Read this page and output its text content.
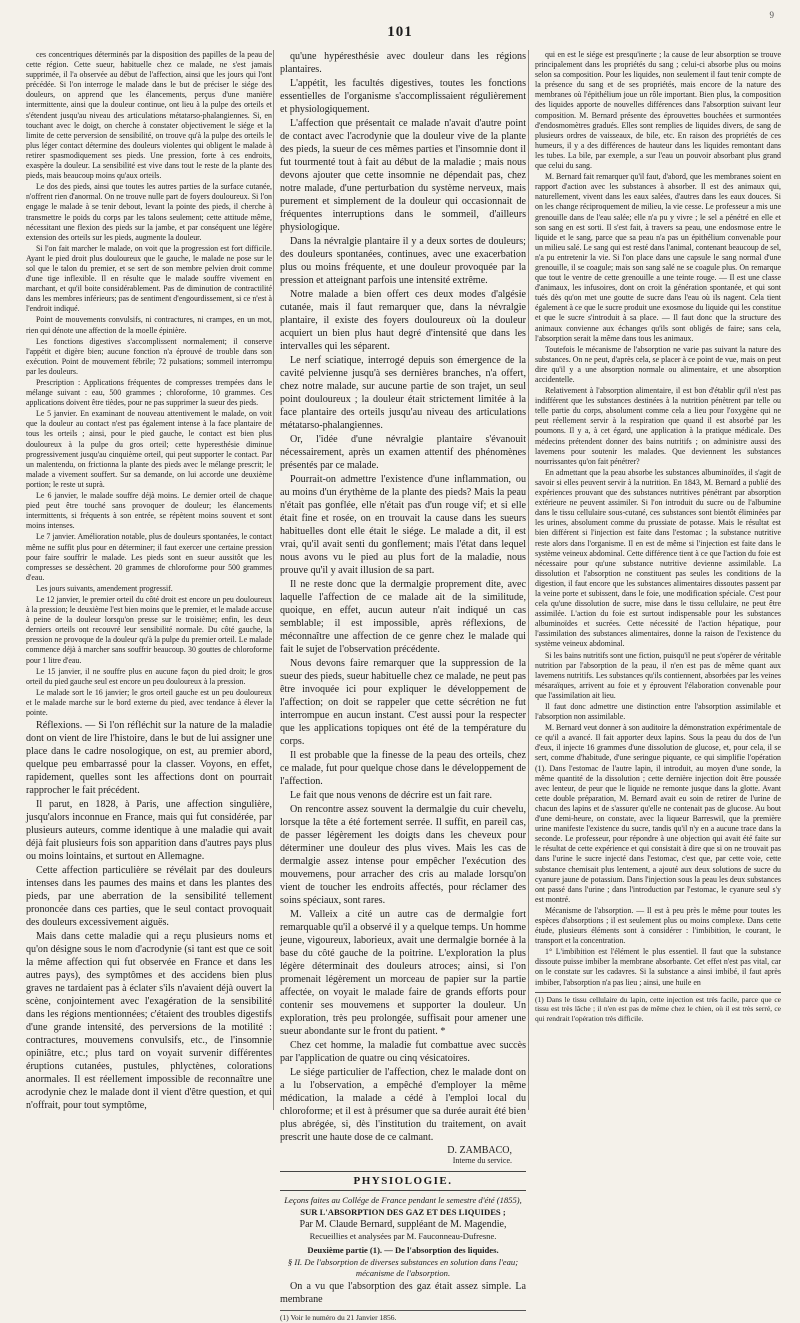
101
9

ces concentriques déterminés par la disposition des papilles de la peau de cette région. Cette sueur, habituelle chez ce malade, ne s'est jamais supprimée, il l'a observée au début de l'affection, ainsi que les jours qui l'ont précédée. Si l'on interroge le malade dans le but de préciser le siége des douleurs, on apprend que les élancements, perçus d'une manière intermittente, ainsi que la douleur continue, ont lieu à la pulpe des orteils et s'étendent jusqu'au niveau des articulations métatarso-phalangiennes. Si, en touchant avec le doigt, on cherche à constater objectivement le siége et la limite de cette perversion de sensibilité, on trouve qu'à la pulpe des orteils le plus léger contact détermine des douleurs violentes qui obligent le malade à retirer spasmodiquement ses pieds. Une pression, forte à ces endroits, exaspère la douleur. La sensibilité est vive dans tout le reste de la plante des pieds, mais beaucoup moins qu'aux orteils.

Le dos des pieds, ainsi que toutes les autres parties de la surface cutanée, n'offrent rien d'anormal. On ne trouve nulle part de foyers douloureux. Si l'on engage le malade à se tenir debout, levant la pointe des pieds, il cherche à transmettre le poids du corps par les talons seulement; cette attitude même, nécessitant une flexion des pieds sur la jambe, et par conséquent une légère extension des orteils sur les pieds, augmente la douleur.

Si l'on fait marcher le malade, on voit que la progression est fort difficile. Ayant le pied droit plus douloureux que le gauche, le malade ne pose sur le sol que le talon du premier, et se sert de son membre pelvien droit comme d'une tige inflexible. Il en résulte que le malade souffre vivement en marchant, et qu'il boite considérablement. Pas de diminution de contractilité dans les membres inférieurs; pas de sentiment d'engourdissement, si ce n'est à l'endroit indiqué.

Point de mouvements convulsifs, ni contractures, ni crampes, en un mot, rien qui dénote une affection de la moelle épinière.

Les fonctions digestives s'accomplissent normalement; il conserve l'appétit et digère bien; aucune fonction n'a éprouvé de trouble dans son exécution. Point de mouvement fébrile; 72 pulsations; sommeil interrompu par les douleurs.

Prescription : Applications fréquentes de compresses trempées dans le mélange suivant : eau, 500 grammes ; chloroforme, 10 grammes. Ces applications doivent être tièdes, pour ne pas supprimer la sueur des pieds.

Le 5 janvier. En examinant de nouveau attentivement le malade, on voit que la douleur au contact n'est pas également intense à la face plantaire de tous les orteils ; ainsi, pour le pied gauche, le contact est bien plus douloureux à la pulpe du gros orteil; cette hyperesthésie diminue progressivement jusqu'au cinquième orteil, qui peut supporter le contact. Par un malentendu, on frictionna la plante des pieds avec le mélange prescrit; le malade a vivement souffert. Sur sa demande, on lui accorde une deuxième portion; le reste ut suprà.

Le 6 janvier, le malade souffre déjà moins. Le dernier orteil de chaque pied peut être touché sans provoquer de douleur; les élancements intermittents, si fréquents à son entrée, se répètent moins souvent et sont moins intenses.

Le 7 janvier. Amélioration notable, plus de douleurs spontanées, le contact même ne suffit plus pour en déterminer; il faut exercer une certaine pression pour faire souffrir le malade. Les pieds sont en sueur aussitôt que les compresses se dessèchent. 20 grammes de chloroforme pour 500 grammes d'eau.

Les jours suivants, amendement progressif.

Le 12 janvier, le premier orteil du côté droit est encore un peu douloureux à la pression; le deuxième l'est bien moins que le premier, et le malade accuse à peine de la douleur lorsqu'on presse sur le troisième; enfin, les deux derniers orteils ont recouvré leur sensibilité normale. Du côté gauche, la pression ne provoque de la douleur qu'à la pulpe du premier orteil. Le malade commence déjà à marcher sans souffrir beaucoup. 30 gouttes de chloroforme pour 1 litre d'eau.

Le 15 janvier, il ne souffre plus en aucune façon du pied droit; le gros orteil du pied gauche seul est encore un peu douloureux à la pression.

Le malade sort le 16 janvier; le gros orteil gauche est un peu douloureux et le malade marche sur le bord externe du pied, avec tendance à élever la pointe.

Réflexions. — Si l'on réfléchit sur la nature de la maladie dont on vient de lire l'histoire, dans le but de lui assigner une place dans le cadre nosologique, on est, au premier abord, quelque peu embarrassé pour la classer. Voyons, en effet, rapidement, quelles sont les affections dont on pourrait rapprocher le fait précédent.

Il parut, en 1828, à Paris, une affection singulière, jusqu'alors inconnue en France, mais qui fut considérée, par plusieurs auteurs, comme identique à une maladie qui avait déjà fait plusieurs fois son apparition dans d'autres pays plus ou moins lointains, et surtout en Allemagne.

Cette affection particulière se révélait par des douleurs intenses dans les paumes des mains et dans les plantes des pieds, par une aberration de la sensibilité tellement prononcée dans ces parties, que le seul contact provoquait des douleurs excessivement aiguës.

Mais dans cette maladie qui a reçu plusieurs noms et qu'on désigne sous le nom d'acrodynie (si tant est que ce soit la même affection qui fut observée en France et dans les autres pays), des symptômes et des accidens bien plus graves ne tardaient pas à éclater s'ils n'avaient déjà ouvert la scène, conjointement avec l'exagération de la sensibilité dans les régions mentionnées; c'étaient des troubles digestifs d'une grande intensité, des perversions de la motilité : contractures, mouvemens convulsifs, etc., de l'insomnie opiniâtre, etc.; plus tard on voyait survenir différentes éruptions cutanées, pustules, phlyctènes, colorations anormales. Il est réellement impossible de reconnaître une acrodynie chez le malade dont il vient d'être question, et qui n'offrait, pour tout symptôme,

qu'une hypéresthésie avec douleur dans les régions plantaires.

L'appétit, les facultés digestives, toutes les fonctions essentielles de l'organisme s'accomplissaient régulièrement et physiologiquement.

L'affection que présentait ce malade n'avait d'autre point de contact avec l'acrodynie que la douleur vive de la plante des pieds, la sueur de ces mêmes parties et l'insomnie dont il fut tourmenté tout à fait au début de la maladie ; mais nous devons ajouter que cette insomnie ne dépendait pas, chez notre malade, d'une perturbation du système nerveux, mais purement et simplement de la douleur qui occasionnait de fréquentes interruptions dans le sommeil, d'ailleurs physiologique.

Dans la névralgie plantaire il y a deux sortes de douleurs; des douleurs spontanées, continues, avec une exacerbation plus ou moins fréquente, et une douleur provoquée par la pression et atteignant parfois une intensité extrême.

Notre malade a bien offert ces deux modes d'algésie cutanée, mais il faut remarquer que, dans la névralgie plantaire, il existe des foyers douloureux où la douleur acquiert un bien plus haut degré d'intensité que dans les intervalles qui les séparent.

Le nerf sciatique, interrogé depuis son émergence de la cavité pelvienne jusqu'à ses dernières branches, n'a offert, chez notre malade, sur aucune partie de son trajet, un seul point douloureux ; la douleur était strictement limitée à la face plantaire des orteils jusqu'au niveau des articulations métatarso-phalangiennes.

Or, l'idée d'une névralgie plantaire s'évanouit nécessairement, après un examen attentif des phénomènes présentés par ce malade.

Pourrait-on admettre l'existence d'une inflammation, ou au moins d'un érythème de la plante des pieds? Mais la peau n'était pas gonflée, elle n'était pas d'un rouge vif; et si elle était fine et rosée, on en trouvait la cause dans les sueurs habituelles dont elle était le siége. Le malade a dit, il est vrai, qu'il avait senti du gonflement; mais l'état dans lequel nous avons vu le pied au plus fort de la maladie, nous prouve qu'il y avait illusion de sa part.

Il ne reste donc que la dermalgie proprement dite, avec laquelle l'affection de ce malade ait de la similitude, quoique, en effet, aucun auteur n'ait indiqué un cas semblable; il est impossible, après réflexions, de méconnaître une affection de ce genre chez le malade qui fait le sujet de l'observation précédente.

Nous devons faire remarquer que la suppression de la sueur des pieds, sueur habituelle chez ce malade, ne peut pas être invoquée ici pour expliquer le développement de l'affection; on doit se rappeler que cette sécrétion ne fut interrompue en aucun instant. C'est aussi pour la respecter que les applications topiques ont été de la température du corps.

Il est probable que la finesse de la peau des orteils, chez ce malade, fut pour quelque chose dans le développement de l'affection.

Le fait que nous venons de décrire est un fait rare.

On rencontre assez souvent la dermalgie du cuir chevelu, lorsque la tête a été fortement serrée. Il suffit, en pareil cas, de passer légèrement les doigts dans les cheveux pour déterminer une douleur des plus vives. Mais les cas de dermalgie assez intense pour empêcher l'exécution des mouvemens, pour arracher des cris au malade lorsqu'on vient de toucher les endroits affectés, pour réclamer des soins spéciaux, sont rares.

M. Valleix a cité un autre cas de dermalgie fort remarquable qu'il a observé il y a quelque temps. Un homme jeune, vigoureux, laborieux, avait une dermalgie bornée à la base du côté gauche de la poitrine. L'exploration la plus légère déterminait des douleurs atroces; ainsi, si l'on promenait légèrement un morceau de papier sur la partie affectée, on voyait le malade faire de grands efforts pour contenir ses mouvemens et supporter la douleur. Un exploration, très peu prolongée, suffisait pour amener une sueur abondante sur le front du patient. *

Chez cet homme, la maladie fut combattue avec succès par l'application de quatre ou cinq vésicatoires.

Le siége particulier de l'affection, chez le malade dont on a lu l'observation, a empêché d'employer la même médication, la malade a cédé à l'emploi local du chloroforme; et il est à présumer que sa durée aurait été bien plus abrégée, si, dès l'institution du traitement, on avait prescrit une haute dose de ce calmant.

D. ZAMBACO,
Interne du service.
PHYSIOLOGIE.

Leçons faites au Collége de France pendant le semestre d'été (1855),

SUR L'ABSORPTION DES GAZ ET DES LIQUIDES ;

Par M. Claude Bernard, suppléant de M. Magendie,

Recueillies et analysées par M. Fauconneau-Dufresne.

Deuxième partie (1). — De l'absorption des liquides.

§ II. De l'absorption de diverses substances en solution dans l'eau; mécanisme de l'absorption.

On a vu que l'absorption des gaz était assez simple. La membrane

(1) Voir le numéro du 21 Janvier 1856.

qui en est le siége est presqu'inerte ; la cause de leur absorption se trouve principalement dans les propriétés du sang ; celui-ci absorbe plus ou moins selon sa composition. Pour les liquides, non seulement il faut tenir compte de la présence du sang et de ses propriétés, mais encore de la nature des membranes où l'épithélium joue un rôle important. Bien plus, la composition des liquides apporte de nouvelles différences dans l'absorption suivant leur composition. M. Bernard présente des éprouvettes bouchées et surmontées d'endosmomètres gradués. Elles sont remplies de liquides divers, de sang de plusieurs ordres de vaisseaux, de bile, etc. En raison des propriétés de ces humeurs, il y a des différences de hauteur dans les liquides remontant dans les tubes. La bile, par exemple, a sur l'eau un pouvoir absorbant plus grand que celui du sang.

M. Bernard fait remarquer qu'il faut, d'abord, que les membranes soient en rapport d'action avec les substances à absorber. Il est des animaux qui, naturellement, vivent dans les eaux salées, d'autres dans les eaux douces. Si on les change réciproquement de milieu, la vie cesse. Le professeur a mis une grenouille dans de l'eau salée; elle n'a pu y vivre ; le sel a pénétré en elle et son sang en est sorti. Il s'est fait, à travers sa peau, une endosmose entre le liquide et le sang, parce que sa peau n'a pas un épithélium convenable pour un milieu salé. Le sang qui est resté dans l'animal, contenant beaucoup de sel, n'a pu entretenir la vie. Si l'on place dans une capsule le sang normal d'une grenouille, il se coagule; mais son sang salé ne se coagule plus. On remarque que tout le ventre de cette grenouille a une teinte rouge. — Il est une classe d'animaux, les infusoires, dont on croit la génération spontanée, et qui sont tués dès qu'on met une goutte de sucre dans l'eau où ils nagent. Cela tient également à ce que le sucre produit une exosmose du liquide qui les constitue et que le sucre s'introduit à sa place. — Il faut donc que la structure des animaux convienne aux échanges qu'ils sont obligés de faire; sans cela, l'absorption serait la même dans tous les animaux.

Toutefois le mécanisme de l'absorption ne varie pas suivant la nature des substances. On ne peut, d'après cela, se placer à ce point de vue, mais on peut dire qu'il y a une absorption normale ou alimentaire, et une absorption accidentelle.

Relativement à l'absorption alimentaire, il est bon d'établir qu'il n'est pas indifférent que les substances destinées à la nutrition pénètrent par telle ou telle partie du corps, absolument comme cela a lieu pour l'oxygène qui ne peut réellement servir à la respiration que quand il est absorbé par les poumons. Il y a, à cet égard, une application à la pratique médicale. Des médecins prétendent donner des bains nutritifs ; on administre aussi des lavemens pour soutenir les malades. Que deviennent les substances nourrissantes qu'on fait pénétrer?

En admettant que la peau absorbe les substances albuminoïdes, il s'agit de savoir si elles peuvent servir à la nutrition. En 1843, M. Bernard a publié des expériences prouvant que des substances nutritives pénétrant par absorption extérieure ne peuvent assimiler. Si l'on introduit du sucre ou de l'albumine dans le tissu cellulaire sous-cutané, ces substances sont bientôt éliminées par les urines, absolument comme du prussiate de potasse. Mais le résultat est bien différent si l'injection est faite dans l'estomac ; la substance nutritive reste alors dans l'organisme. Il en est de même si l'injection est faite dans le système veineux abdominal. Cette différence tient à ce que l'action du foie est nécessaire pour qu'une substance nutritive devienne assimilable. La dissolution et l'absorption ne constituent pas seules les conditions de la digestion, il faut encore que les substances alimentaires dissoutes passent par la veine porte et subissent, dans le foie, une modification spéciale. C'est pour cela qu'une dissolution de sucre, mise dans le tissu cellulaire, ne peut être assimilée. L'action du foie est surtout indispensable pour les substances albuminoïdes et sucrées. Cette nécessité de l'action hépatique, pour l'assimilation des substances alimentaires, donne la raison de l'existence du système veineux abdominal.

Si les bains nutritifs sont une fiction, puisqu'il ne peut s'opérer de véritable nutrition par l'absorption de la peau, il n'en est pas de même quant aux lavemens nutritifs. Les substances qu'ils contiennent, absorbées par les veines mésaraïques, arrivent au foie et y éprouvent l'élaboration convenable pour que l'assimilation ait lieu.

Il faut donc admettre une distinction entre l'absorption assimilable et l'absorption non assimilable.

M. Bernard veut donner à son auditoire la démonstration expérimentale de ce qu'il a avancé. Il fait apporter deux lapins. Sous la peau du dos de l'un d'eux, il injecte 16 grammes d'une dissolution de glucose, et, pour cela, il se sert, comme d'habitude, d'une seringue piquante, ce qui simplifie l'opération (1). Dans l'estomac de l'autre lapin, il introduit, au moyen d'une sonde, la même quantité de la dissolution ; cette dernière injection doit être poussée avec lenteur, de peur que le liquide ne remonte jusque dans la glotte. Avant cette double préparation, M. Bernard avait eu soin de retirer de l'urine de chacun des lapins et de s'assurer qu'elle ne contenait pas de glucose. Au bout d'une demi-heure, on constate, avec la liqueur Barreswil, que la première urine manifeste l'existence du sucre, tandis qu'il n'y en a aucune trace dans la seconde. Le professeur, pour répondre à une objection qui avait été faite sur le résultat de cette expérience et qui consistait à dire que si on ne trouvait pas dans l'urine le sucre injecté dans l'estomac, c'est que, par cette voie, cette substance chemisait plus lentement, a ajouté aux deux solutions de sucre du cyanure jaune de potassium. Dans l'injection sous la peau les deux substances ont passé dans l'urine ; dans l'introduction par l'estomac, le cyanure seul s'y est montré.

Mécanisme de l'absorption. — Il est à peu près le même pour toutes les espèces d'absorptions ; il est seulement plus ou moins complexe. Dans cette étude, plusieurs éléments sont à considérer : l'imbibition, le courant, le transport et la concentration.

1° L'imbibition est l'élément le plus essentiel. Il faut que la substance dissoute puisse imbiber la membrane absorbante. Cet effet n'est pas vital, car on le constate sur les cadavres. Si la substance a ainsi imbibé, il faut après imbiber, l'absorption n'a pas lieu ; ainsi, une huile en

(1) Dans le tissu cellulaire du lapin, cette injection est très facile, parce que ce tissu est très lâche ; il n'en est pas de même chez le chien, où il est très serré, ce qui rendrait l'opération très difficile.
